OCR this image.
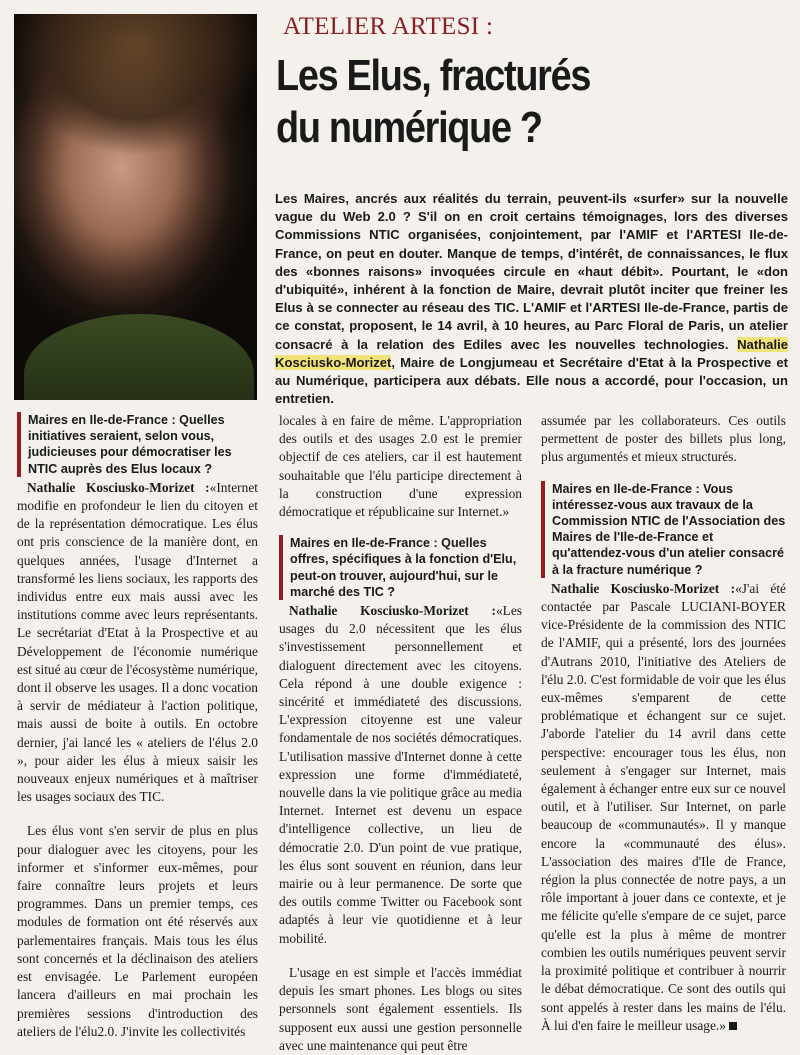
ATELIER ARTESI :
Les Elus, fracturés
du numérique ?

Les Maires, ancrés aux réalités du terrain, peuvent-ils «surfer» sur la nouvelle vague du Web 2.0 ? S'il on en croit certains témoignages, lors des diverses Commissions NTIC organisées, conjointement, par l'AMIF et l'ARTESI Ile-de-France, on peut en douter. Manque de temps, d'intérêt, de connaissances, le flux des «bonnes raisons» invoquées circule en «haut débit». Pourtant, le «don d'ubiquité», inhérent à la fonction de Maire, devrait plutôt inciter que freiner les Elus à se connecter au réseau des TIC. L'AMIF et l'ARTESI Ile-de-France, partis de ce constat, proposent, le 14 avril, à 10 heures, au Parc Floral de Paris, un atelier consacré à la relation des Ediles avec les nouvelles technologies. Nathalie Kosciusko-Morizet, Maire de Longjumeau et Secrétaire d'Etat à la Prospective et au Numérique, participera aux débats. Elle nous a accordé, pour l'occasion, un entretien.

Maires en Ile-de-France : Quelles initiatives seraient, selon vous, judicieuses pour démocratiser les NTIC auprès des Elus locaux ?

Nathalie Kosciusko-Morizet :«Internet modifie en profondeur le lien du citoyen et de la représentation démocratique. Les élus ont pris conscience de la manière dont, en quelques années, l'usage d'Internet a transformé les liens sociaux, les rapports des individus entre eux mais aussi avec les institutions comme avec leurs représentants. Le secrétariat d'Etat à la Prospective et au Développement de l'économie numérique est situé au cœur de l'écosystème numérique, dont il observe les usages. Il a donc vocation à servir de médiateur à l'action politique, mais aussi de boite à outils. En octobre dernier, j'ai lancé les « ateliers de l'élus 2.0 », pour aider les élus à mieux saisir les nouveaux enjeux numériques et à maîtriser les usages sociaux des TIC.

Les élus vont s'en servir de plus en plus pour dialoguer avec les citoyens, pour les informer et s'informer eux-mêmes, pour faire connaître leurs projets et leurs programmes. Dans un premier temps, ces modules de formation ont été réservés aux parlementaires français. Mais tous les élus sont concernés et la déclinaison des ateliers est envisagée. Le Parlement européen lancera d'ailleurs en mai prochain les premières sessions d'introduction des ateliers de l'élu2.0. J'invite les collectivités

locales à en faire de même. L'appropriation des outils et des usages 2.0 est le premier objectif de ces ateliers, car il est hautement souhaitable que l'élu participe directement à la construction d'une expression démocratique et républicaine sur Internet.»

Maires en Ile-de-France : Quelles offres, spécifiques à la fonction d'Elu, peut-on trouver, aujourd'hui, sur le marché des TIC ?

Nathalie Kosciusko-Morizet :«Les usages du 2.0 nécessitent que les élus s'investissement personnellement et dialoguent directement avec les citoyens. Cela répond à une double exigence : sincérité et immédiateté des discussions. L'expression citoyenne est une valeur fondamentale de nos sociétés démocratiques. L'utilisation massive d'Internet donne à cette expression une forme d'immédiateté, nouvelle dans la vie politique grâce au media Internet. Internet est devenu un espace d'intelligence collective, un lieu de démocratie 2.0. D'un point de vue pratique, les élus sont souvent en réunion, dans leur mairie ou à leur permanence. De sorte que des outils comme Twitter ou Facebook sont adaptés à leur vie quotidienne et à leur mobilité.

L'usage en est simple et l'accès immédiat depuis les smart phones. Les blogs ou sites personnels sont également essentiels. Ils supposent eux aussi une gestion personnelle avec une maintenance qui peut être

assumée par les collaborateurs. Ces outils permettent de poster des billets plus long, plus argumentés et mieux structurés.

Maires en Ile-de-France : Vous intéressez-vous aux travaux de la Commission NTIC de l'Association des Maires de l'Ile-de-France et qu'attendez-vous d'un atelier consacré à la fracture numérique ?

Nathalie Kosciusko-Morizet :«J'ai été contactée par Pascale LUCIANI-BOYER vice-Présidente de la commission des NTIC de l'AMIF, qui a présenté, lors des journées d'Autrans 2010, l'initiative des Ateliers de l'élu 2.0. C'est formidable de voir que les élus eux-mêmes s'emparent de cette problématique et échangent sur ce sujet. J'aborde l'atelier du 14 avril dans cette perspective: encourager tous les élus, non seulement à s'engager sur Internet, mais également à échanger entre eux sur ce nouvel outil, et à l'utiliser. Sur Internet, on parle beaucoup de «communautés». Il y manque encore la «communauté des élus». L'association des maires d'Ile de France, région la plus connectée de notre pays, a un rôle important à jouer dans ce contexte, et je me félicite qu'elle s'empare de ce sujet, parce qu'elle est la plus à même de montrer combien les outils numériques peuvent servir la proximité politique et contribuer à nourrir le débat démocratique. Ce sont des outils qui sont appelés à rester dans les mains de l'élu. À lui d'en faire le meilleur usage.»
